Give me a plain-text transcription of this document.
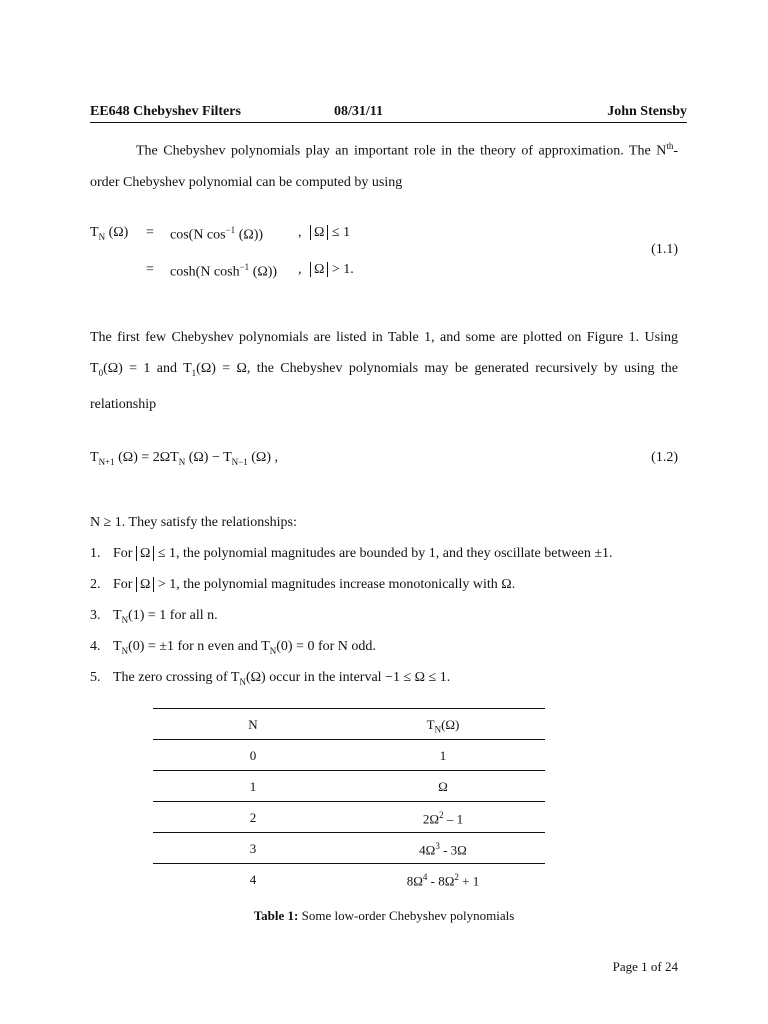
EE648 Chebyshev Filters	08/31/11	John Stensby
The Chebyshev polynomials play an important role in the theory of approximation. The $N^{th}$-order Chebyshev polynomial can be computed by using
$T_N$ (Ω) = cos(N $\cos^{-1} (\Omega)$) , Ω ≤ 1
= cosh(N $\cosh^{-1} (\Omega)$) , Ω > 1.
(1.1)
The first few Chebyshev polynomials are listed in Table 1, and some are plotted on Figure 1. Using $T_0(\Omega) = 1$ and $T_1(\Omega) = \Omega$, the Chebyshev polynomials may be generated recursively by using the relationship
$T_{N+1}$ $(\Omega) = 2\Omega T_N$ $(\Omega) - T_{N-1}$ (Ω) ,	(1.2)
N ≥ 1. They satisfy the relationships:
1. For Ω ≤ 1, the polynomial magnitudes are bounded by 1, and they oscillate between ±1.
2. For Ω > 1, the polynomial magnitudes increase monotonically with Ω.
3. $T_N(1) = 1$ for all n.
4. $T_N(0) = \pm 1$ for n even and $T_N(0) = 0$ for N odd.
5. The zero crossing of $T_N(\Omega)$ occur in the interval −1 ≤ Ω ≤ 1.
N	$T_N(\Omega)$
0	1
1	Ω
2	$2\Omega^2 - 1$
3	$4\Omega^3 - 3\Omega$
4	$8\Omega^4 - 8\Omega^2 + 1$
Table 1: Some low-order Chebyshev polynomials
Page 1 of 24
